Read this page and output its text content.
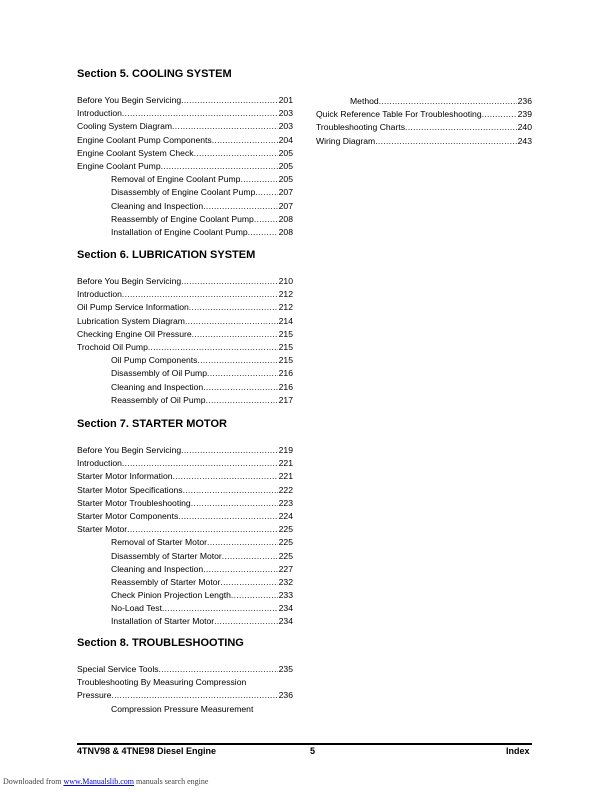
Section 5. COOLING SYSTEM
Before You Begin Servicing .....	201
Introduction .....	203
Cooling System Diagram .....	203
Engine Coolant Pump Components .....	204
Engine Coolant System Check .....	205
Engine Coolant Pump .....	205
Removal of Engine Coolant Pump .....	205
Disassembly of Engine Coolant Pump .....	207
Cleaning and Inspection .....	207
Reassembly of Engine Coolant Pump .....	208
Installation of Engine Coolant Pump .....	208
Section 6. LUBRICATION SYSTEM
Before You Begin Servicing .....	210
Introduction .....	212
Oil Pump Service Information .....	212
Lubrication System Diagram .....	214
Checking Engine Oil Pressure .....	215
Trochoid Oil Pump .....	215
Oil Pump Components .....	215
Disassembly of Oil Pump .....	216
Cleaning and Inspection .....	216
Reassembly of Oil Pump .....	217
Section 7. STARTER MOTOR
Before You Begin Servicing .....	219
Introduction .....	221
Starter Motor Information .....	221
Starter Motor Specifications .....	222
Starter Motor Troubleshooting .....	223
Starter Motor Components .....	224
Starter Motor .....	225
Removal of Starter Motor .....	225
Disassembly of Starter Motor .....	225
Cleaning and Inspection .....	227
Reassembly of Starter Motor .....	232
Check Pinion Projection Length .....	233
No-Load Test .....	234
Installation of Starter Motor .....	234
Section 8. TROUBLESHOOTING
Special Service Tools .....	235
Troubleshooting By Measuring Compression
Pressure .....	236
Compression Pressure Measurement
Method .....	236
Quick Reference Table For Troubleshooting .....	239
Troubleshooting Charts .....	240
Wiring Diagram .....	243
4TNV98 & 4TNE98 Diesel Engine	5	Index
Downloaded from www.Manualslib.com manuals search engine
